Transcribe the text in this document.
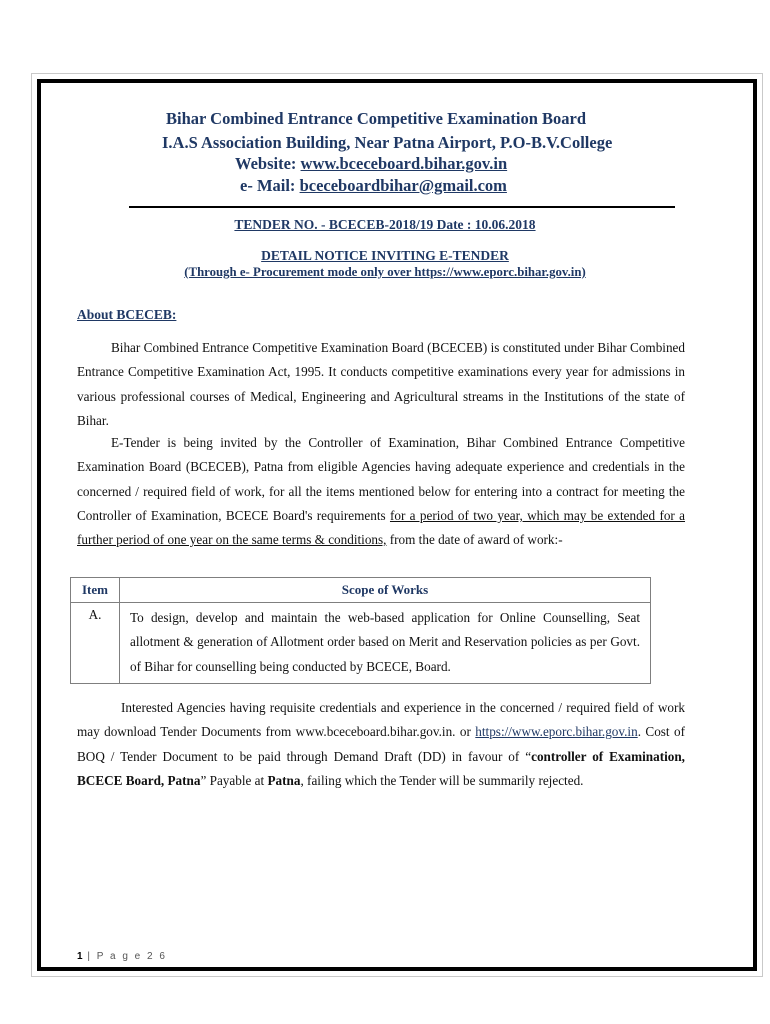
Bihar Combined Entrance Competitive Examination Board
I.A.S Association Building, Near Patna Airport, P.O-B.V.College
Website: www.bceceboard.bihar.gov.in
e- Mail: bceceboardbihar@gmail.com
TENDER NO. - BCECEB-2018/19 Date : 10.06.2018
DETAIL NOTICE INVITING E-TENDER
(Through e- Procurement mode only over https://www.eporc.bihar.gov.in)
About BCECEB:
Bihar Combined Entrance Competitive Examination Board (BCECEB) is constituted under Bihar Combined Entrance Competitive Examination Act, 1995. It conducts competitive examinations every year for admissions in various professional courses of Medical, Engineering and Agricultural streams in the Institutions of the state of Bihar.
E-Tender is being invited by the Controller of Examination, Bihar Combined Entrance Competitive Examination Board (BCECEB), Patna from eligible Agencies having adequate experience and credentials in the concerned / required field of work, for all the items mentioned below for entering into a contract for meeting the Controller of Examination, BCECE Board's requirements for a period of two year, which may be extended for a further period of one year on the same terms & conditions, from the date of award of work:-
Item	Scope of Works
A.	To design, develop and maintain the web-based application for Online Counselling, Seat allotment & generation of Allotment order based on Merit and Reservation policies as per Govt. of Bihar for counselling being conducted by BCECE, Board.
Interested Agencies having requisite credentials and experience in the concerned / required field of work may download Tender Documents from www.bceceboard.bihar.gov.in. or https://www.eporc.bihar.gov.in. Cost of BOQ / Tender Document to be paid through Demand Draft (DD) in favour of “controller of Examination, BCECE Board, Patna” Payable at Patna, failing which the Tender will be summarily rejected.
1 | P a g e 2 6
